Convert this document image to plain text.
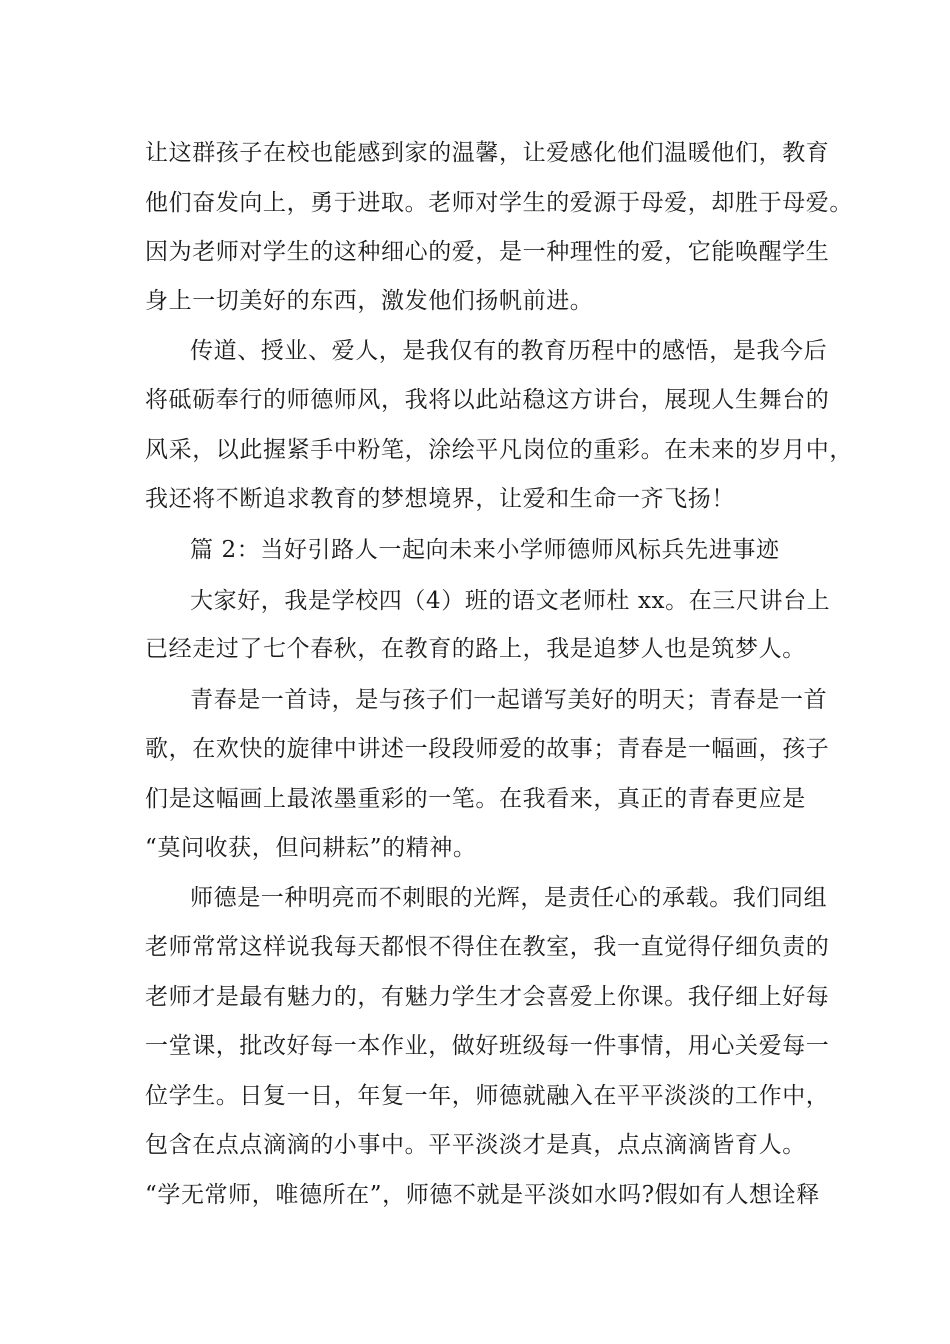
让这群孩子在校也能感到家的温馨，让爱感化他们温暖他们，教育
他们奋发向上，勇于进取。老师对学生的爱源于母爱，却胜于母爱。
因为老师对学生的这种细心的爱，是一种理性的爱，它能唤醒学生
身上一切美好的东西，激发他们扬帆前进。
传道、授业、爱人，是我仅有的教育历程中的感悟，是我今后
将砥砺奉行的师德师风，我将以此站稳这方讲台，展现人生舞台的
风采，以此握紧手中粉笔，涂绘平凡岗位的重彩。在未来的岁月中，
我还将不断追求教育的梦想境界，让爱和生命一齐飞扬！
篇 2：当好引路人一起向未来小学师德师风标兵先进事迹
大家好，我是学校四（4）班的语文老师杜 xx。在三尺讲台上
已经走过了七个春秋，在教育的路上，我是追梦人也是筑梦人。
青春是一首诗，是与孩子们一起谱写美好的明天；青春是一首
歌，在欢快的旋律中讲述一段段师爱的故事；青春是一幅画，孩子
们是这幅画上最浓墨重彩的一笔。在我看来，真正的青春更应是
“莫问收获，但问耕耘”的精神。
师德是一种明亮而不刺眼的光辉，是责任心的承载。我们同组
老师常常这样说我每天都恨不得住在教室，我一直觉得仔细负责的
老师才是最有魅力的，有魅力学生才会喜爱上你课。我仔细上好每
一堂课，批改好每一本作业，做好班级每一件事情，用心关爱每一
位学生。日复一日，年复一年，师德就融入在平平淡淡的工作中，
包含在点点滴滴的小事中。平平淡淡才是真，点点滴滴皆育人。
“学无常师，唯德所在”，师德不就是平淡如水吗?假如有人想诠释
